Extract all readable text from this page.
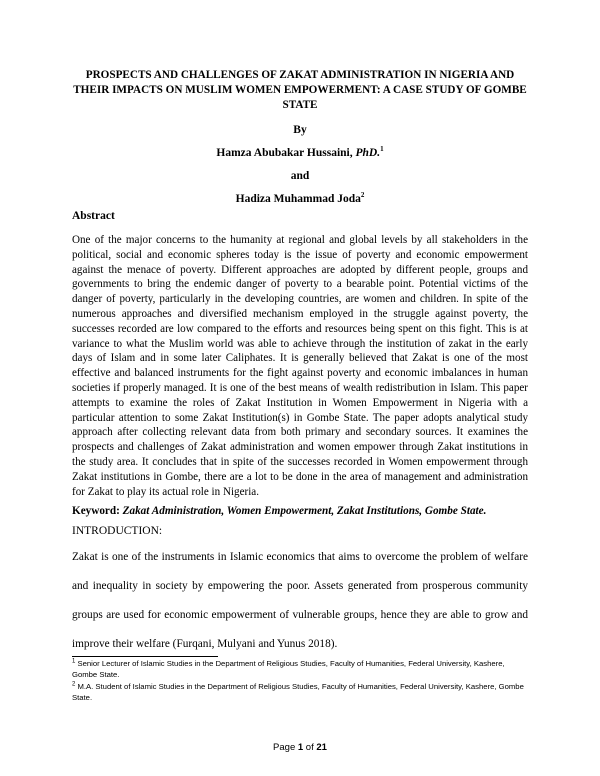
PROSPECTS AND CHALLENGES OF ZAKAT ADMINISTRATION IN NIGERIA AND THEIR IMPACTS ON MUSLIM WOMEN EMPOWERMENT: A CASE STUDY OF GOMBE STATE
By
Hamza Abubakar Hussaini, PhD.$^1$
and
Hadiza Muhammad Joda$^2$
Abstract
One of the major concerns to the humanity at regional and global levels by all stakeholders in the political, social and economic spheres today is the issue of poverty and economic empowerment against the menace of poverty. Different approaches are adopted by different people, groups and governments to bring the endemic danger of poverty to a bearable point. Potential victims of the danger of poverty, particularly in the developing countries, are women and children. In spite of the numerous approaches and diversified mechanism employed in the struggle against poverty, the successes recorded are low compared to the efforts and resources being spent on this fight. This is at variance to what the Muslim world was able to achieve through the institution of zakat in the early days of Islam and in some later Caliphates. It is generally believed that Zakat is one of the most effective and balanced instruments for the fight against poverty and economic imbalances in human societies if properly managed. It is one of the best means of wealth redistribution in Islam. This paper attempts to examine the roles of Zakat Institution in Women Empowerment in Nigeria with a particular attention to some Zakat Institution(s) in Gombe State. The paper adopts analytical study approach after collecting relevant data from both primary and secondary sources. It examines the prospects and challenges of Zakat administration and women empower through Zakat institutions in the study area. It concludes that in spite of the successes recorded in Women empowerment through Zakat institutions in Gombe, there are a lot to be done in the area of management and administration for Zakat to play its actual role in Nigeria.
Keyword: Zakat Administration, Women Empowerment, Zakat Institutions, Gombe State.
INTRODUCTION:
Zakat is one of the instruments in Islamic economics that aims to overcome the problem of welfare and inequality in society by empowering the poor. Assets generated from prosperous community groups are used for economic empowerment of vulnerable groups, hence they are able to grow and improve their welfare (Furqani, Mulyani and Yunus 2018).

$^1$ Senior Lecturer of Islamic Studies in the Department of Religious Studies, Faculty of Humanities, Federal University, Kashere, Gombe State.

$^2$ M.A. Student of Islamic Studies in the Department of Religious Studies, Faculty of Humanities, Federal University, Kashere, Gombe State.

Page 1 of 21
